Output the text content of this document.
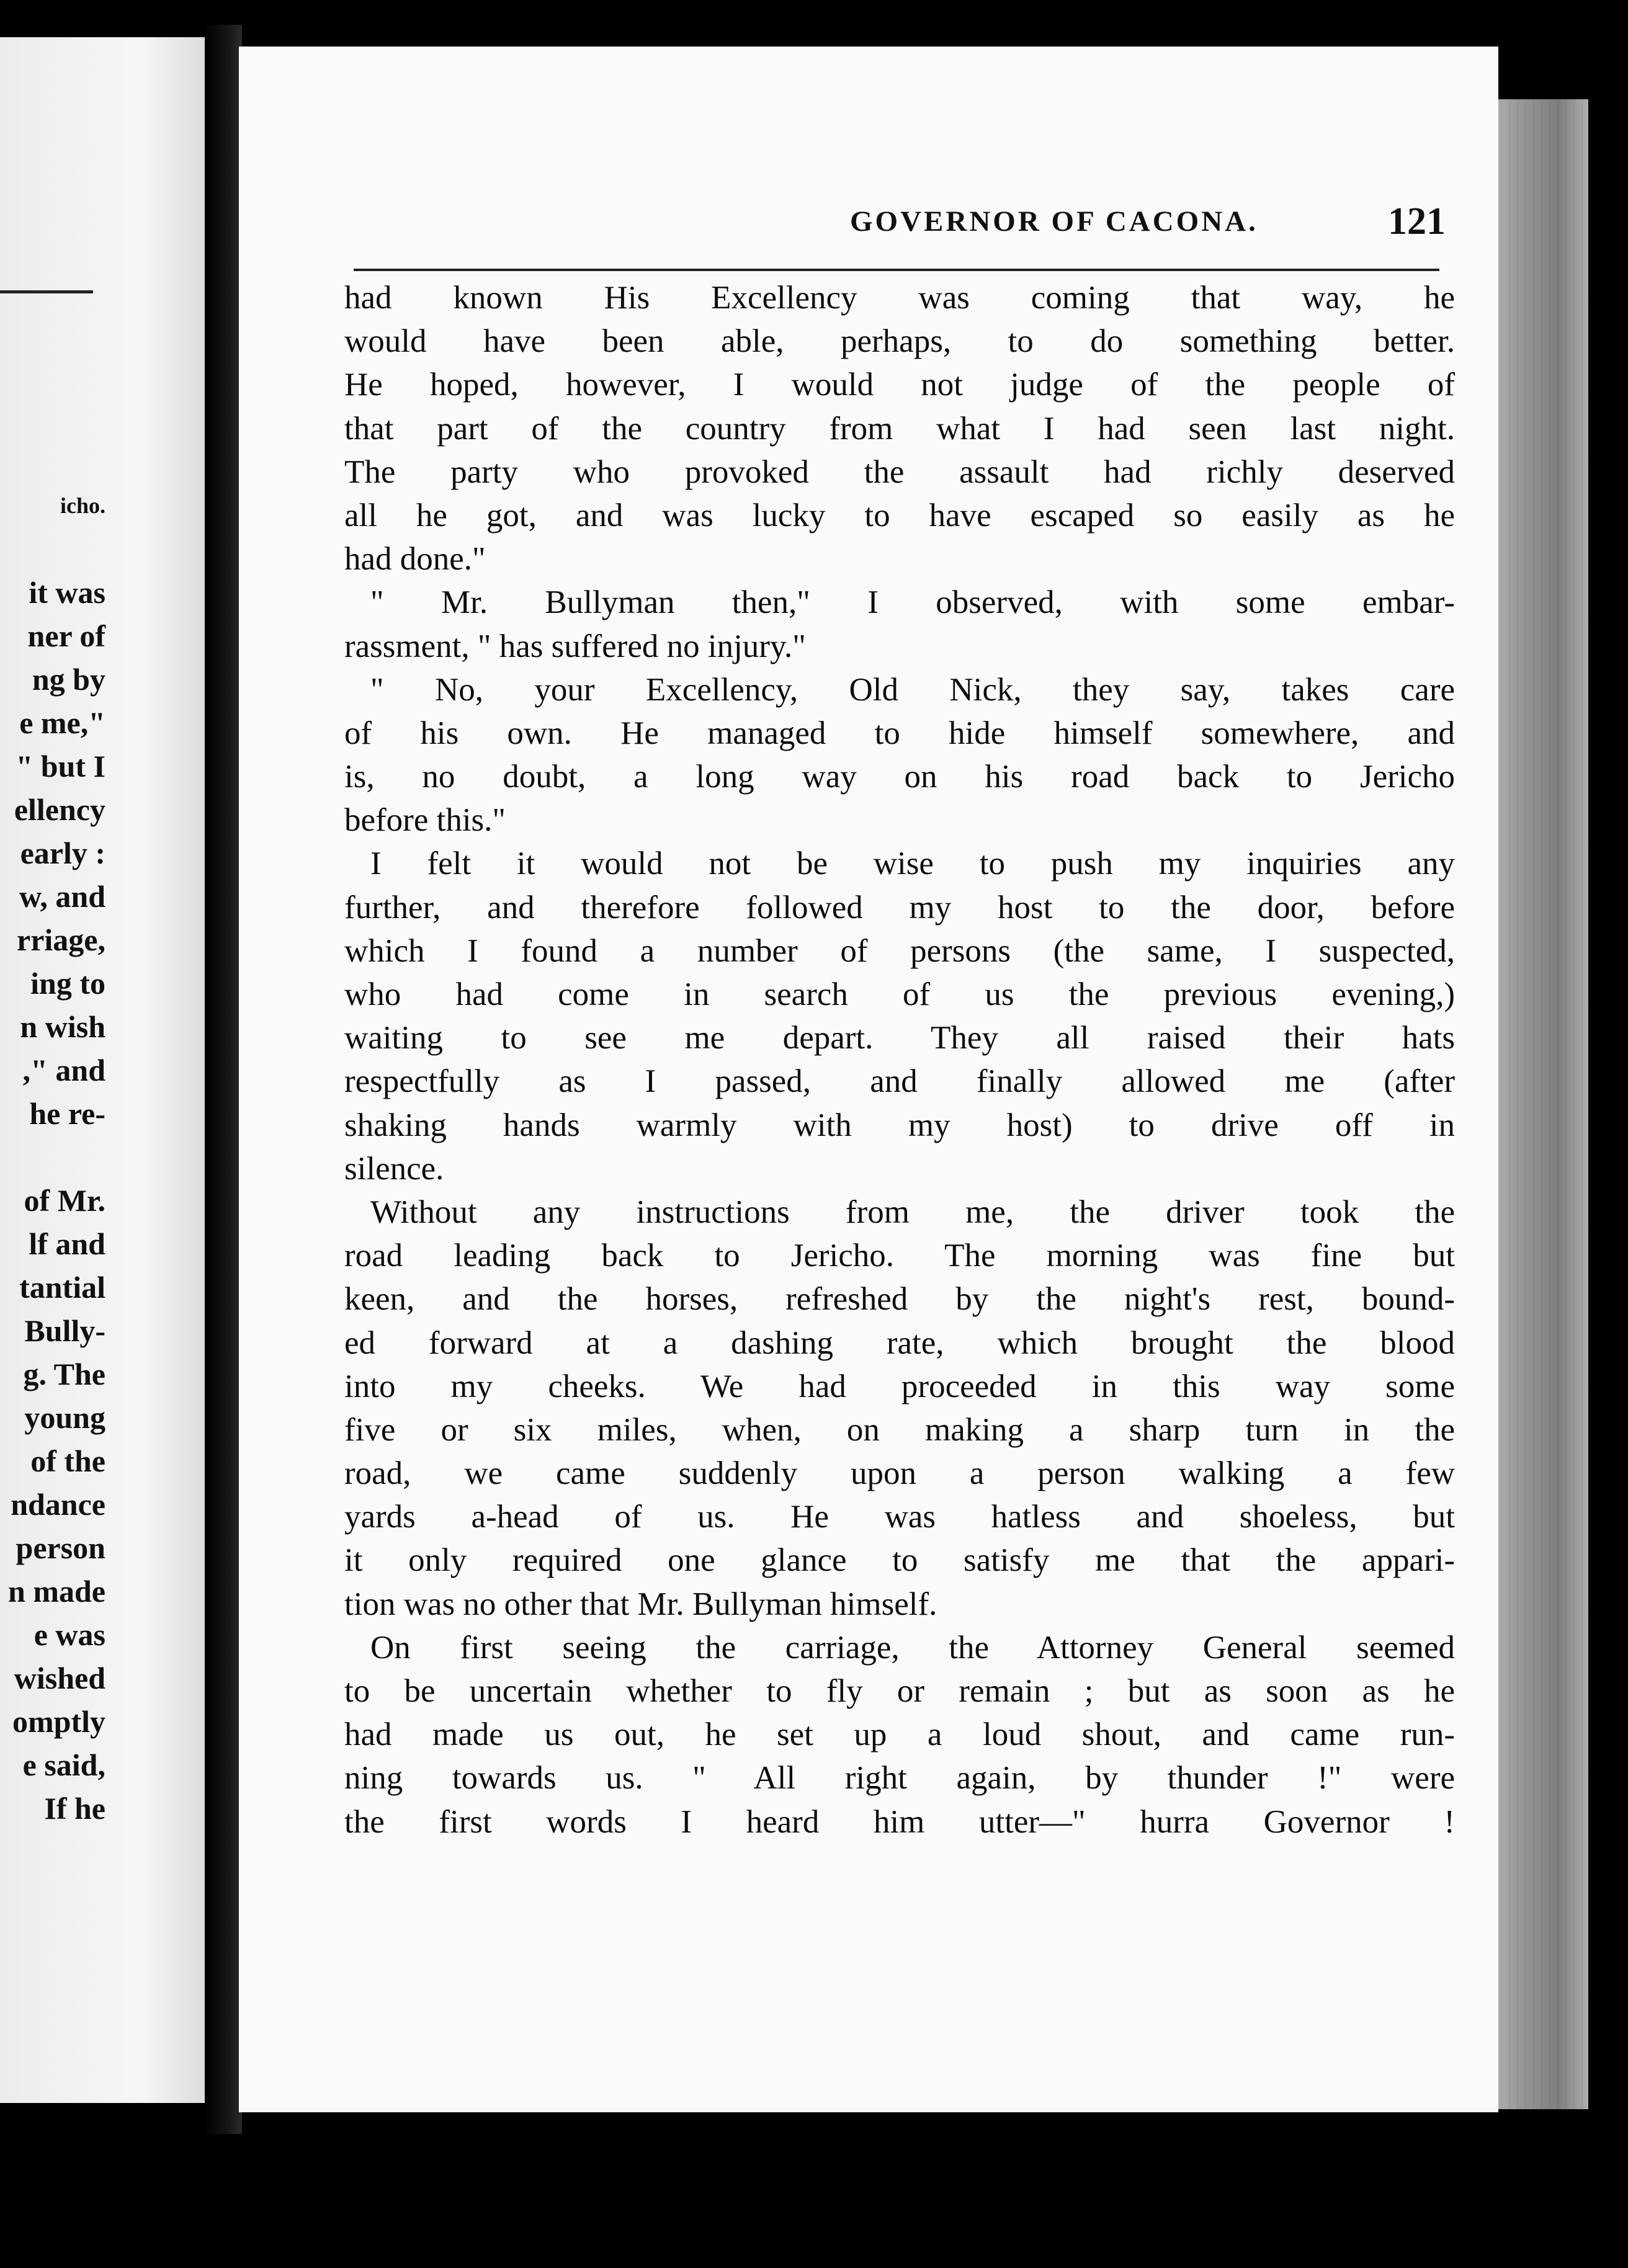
icho.

it was
ner of
ng by
e me,"
" but I
ellency
early :
w, and
rriage,
ing to
n wish
," and
he re-

of Mr.
lf and
tantial
Bully-
g. The
young
of the
ndance
person
n made
e was
wished
omptly
e said,
If he
GOVERNOR OF CACONA.	121
had known His Excellency was coming that way, he
would have been able, perhaps, to do something better.
He hoped, however, I would not judge of the people of
that part of the country from what I had seen last night.
The party who provoked the assault had richly deserved
all he got, and was lucky to have escaped so easily as he
had done."
" Mr. Bullyman then," I observed, with some embar-
rassment, " has suffered no injury."
" No, your Excellency, Old Nick, they say, takes care
of his own. He managed to hide himself somewhere, and
is, no doubt, a long way on his road back to Jericho
before this."
I felt it would not be wise to push my inquiries any
further, and therefore followed my host to the door, before
which I found a number of persons (the same, I suspected,
who had come in search of us the previous evening,)
waiting to see me depart. They all raised their hats
respectfully as I passed, and finally allowed me (after
shaking hands warmly with my host) to drive off in
silence.
Without any instructions from me, the driver took the
road leading back to Jericho. The morning was fine but
keen, and the horses, refreshed by the night's rest, bound-
ed forward at a dashing rate, which brought the blood
into my cheeks. We had proceeded in this way some
five or six miles, when, on making a sharp turn in the
road, we came suddenly upon a person walking a few
yards a-head of us. He was hatless and shoeless, but
it only required one glance to satisfy me that the appari-
tion was no other that Mr. Bullyman himself.
On first seeing the carriage, the Attorney General seemed
to be uncertain whether to fly or remain ; but as soon as he
had made us out, he set up a loud shout, and came run-
ning towards us. " All right again, by thunder !" were
the first words I heard him utter—" hurra Governor !
